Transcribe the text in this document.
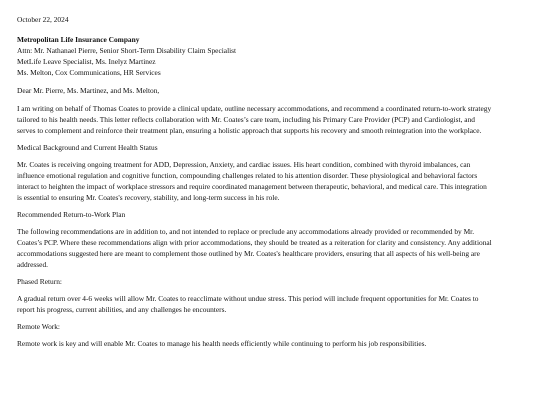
October 22, 2024

Metropolitan Life Insurance Company
Attn: Mr. Nathanael Pierre, Senior Short-Term Disability Claim Specialist
MetLife Leave Specialist, Ms. Inelyz Martinez
Ms. Melton, Cox Communications, HR Services

Dear Mr. Pierre, Ms. Martinez, and Ms. Melton,

I am writing on behalf of Thomas Coates to provide a clinical update, outline necessary accommodations, and recommend a coordinated return-to-work strategy
tailored to his health needs. This letter reflects collaboration with Mr. Coates’s care team, including his Primary Care Provider (PCP) and Cardiologist, and
serves to complement and reinforce their treatment plan, ensuring a holistic approach that supports his recovery and smooth reintegration into the workplace.

Medical Background and Current Health Status

Mr. Coates is receiving ongoing treatment for ADD, Depression, Anxiety, and cardiac issues. His heart condition, combined with thyroid imbalances, can
influence emotional regulation and cognitive function, compounding challenges related to his attention disorder. These physiological and behavioral factors
interact to heighten the impact of workplace stressors and require coordinated management between therapeutic, behavioral, and medical care. This integration
is essential to ensuring Mr. Coates's recovery, stability, and long-term success in his role.

Recommended Return-to-Work Plan

The following recommendations are in addition to, and not intended to replace or preclude any accommodations already provided or recommended by Mr.
Coates’s PCP. Where these recommendations align with prior accommodations, they should be treated as a reiteration for clarity and consistency. Any additional
accommodations suggested here are meant to complement those outlined by Mr. Coates's healthcare providers, ensuring that all aspects of his well-being are
addressed.

Phased Return:

A gradual return over 4-6 weeks will allow Mr. Coates to reacclimate without undue stress. This period will include frequent opportunities for Mr. Coates to
report his progress, current abilities, and any challenges he encounters.

Remote Work:

Remote work is key and will enable Mr. Coates to manage his health needs efficiently while continuing to perform his job responsibilities.
